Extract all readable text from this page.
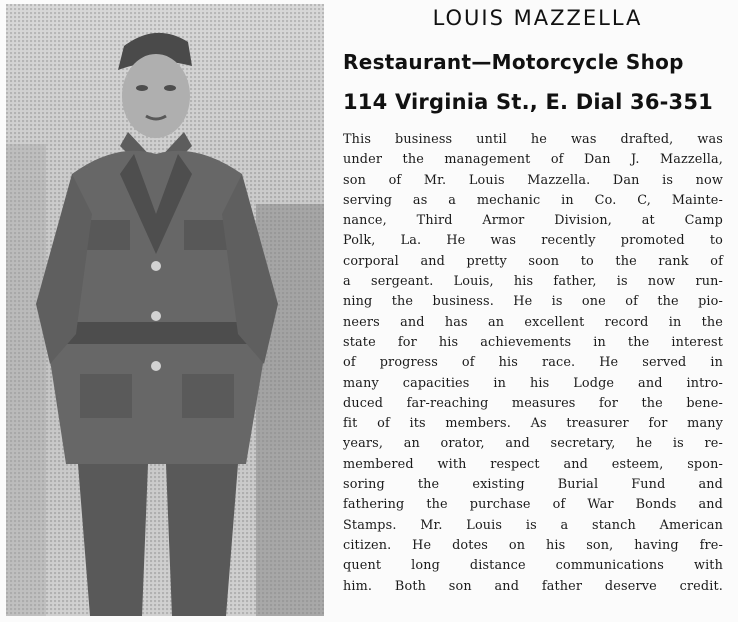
LOUIS MAZZELLA
Restaurant—Motorcycle Shop
114 Virginia St., E. Dial 36-351
This business until he was drafted, was
under the management of Dan J. Mazzella,
son of Mr. Louis Mazzella. Dan is now
serving as a mechanic in Co. C, Mainte-
nance, Third Armor Division, at Camp
Polk, La. He was recently promoted to
corporal and pretty soon to the rank of
a sergeant. Louis, his father, is now run-
ning the business. He is one of the pio-
neers and has an excellent record in the
state for his achievements in the interest
of progress of his race. He served in
many capacities in his Lodge and intro-
duced far-reaching measures for the bene-
fit of its members. As treasurer for many
years, an orator, and secretary, he is re-
membered with respect and esteem, spon-
soring the existing Burial Fund and
fathering the purchase of War Bonds and
Stamps. Mr. Louis is a stanch American
citizen. He dotes on his son, having fre-
quent long distance communications with
him. Both son and father deserve credit.
